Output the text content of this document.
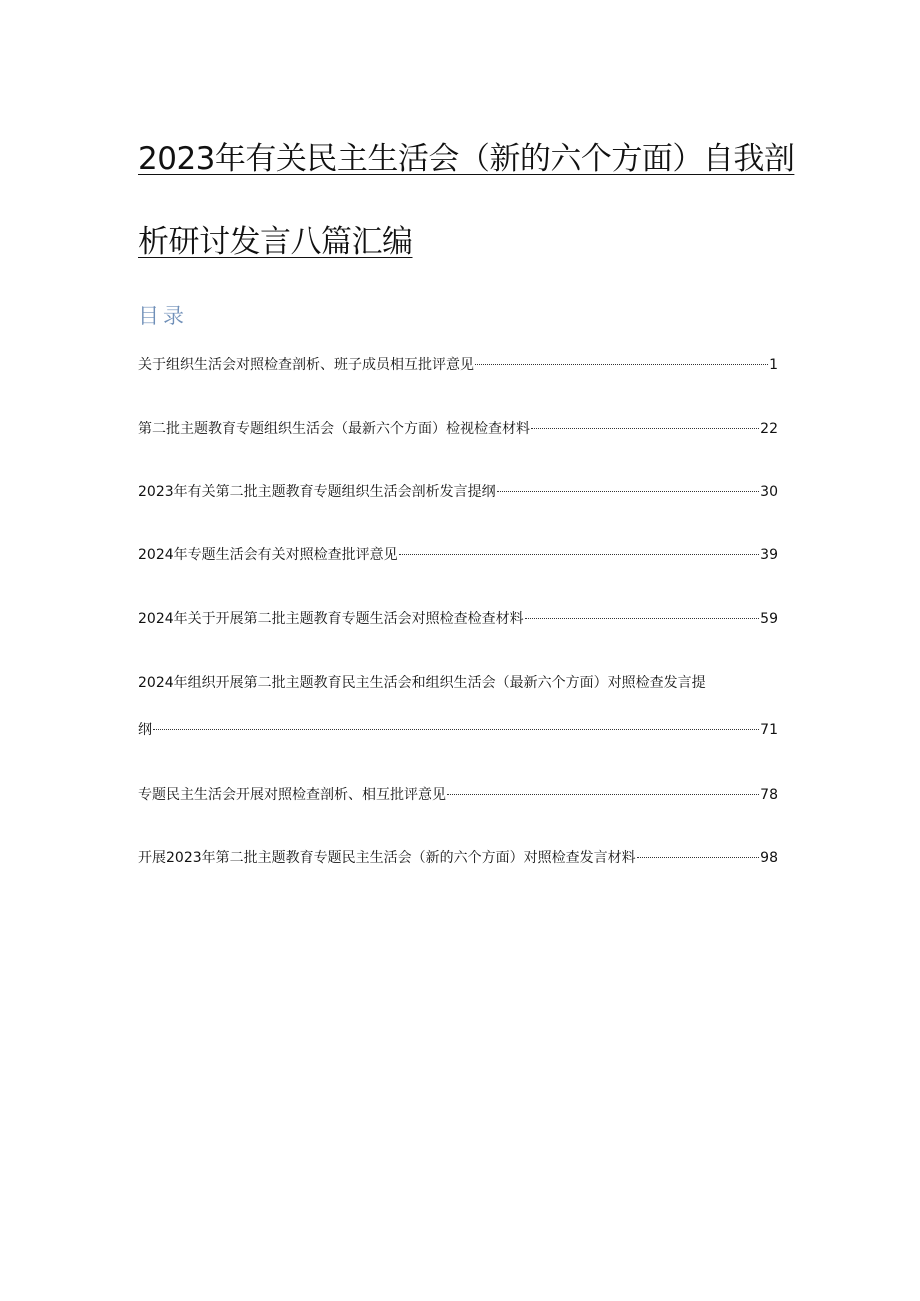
2023年有关民主生活会（新的六个方面）自我剖
析研讨发言八篇汇编
目录
关于组织生活会对照检查剖析、班子成员相互批评意见	1
第二批主题教育专题组织生活会（最新六个方面）检视检查材料	22
2023年有关第二批主题教育专题组织生活会剖析发言提纲	30
2024年专题生活会有关对照检查批评意见	39
2024年关于开展第二批主题教育专题生活会对照检查检查材料	59
2024年组织开展第二批主题教育民主生活会和组织生活会（最新六个方面）对照检查发言提
纲	71
专题民主生活会开展对照检查剖析、相互批评意见	78
开展2023年第二批主题教育专题民主生活会（新的六个方面）对照检查发言材料	98
